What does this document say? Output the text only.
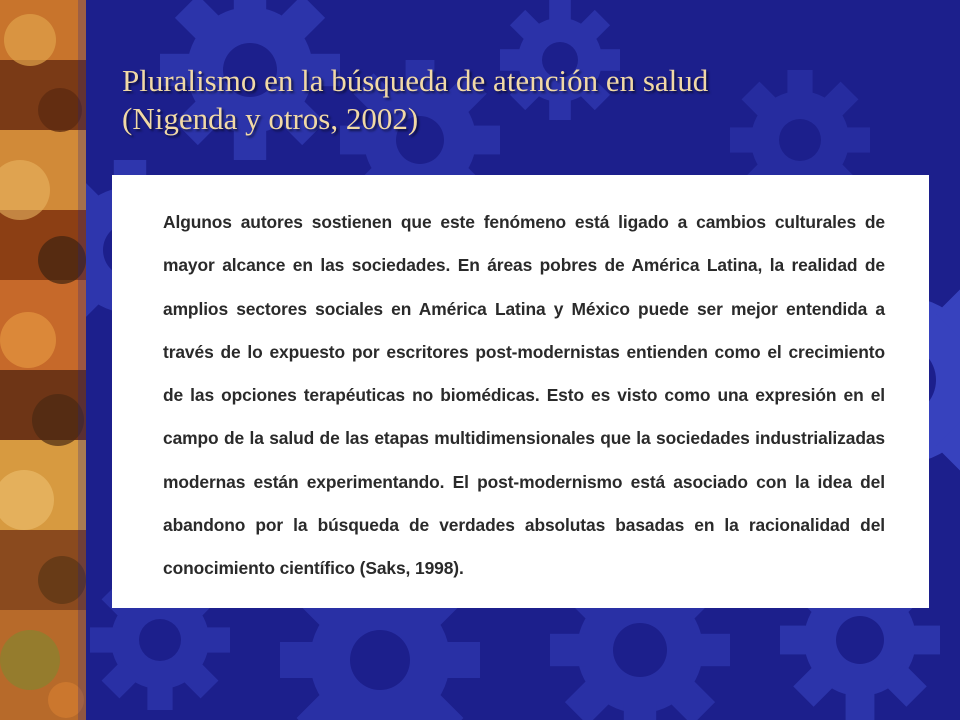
Pluralismo en la búsqueda de atención en salud
(Nigenda y otros, 2002)

Algunos autores sostienen que este fenómeno está ligado a cambios culturales de mayor alcance en las sociedades. En áreas pobres de América Latina, la realidad de amplios sectores sociales en América Latina y México puede ser mejor entendida a través de lo expuesto por escritores post-modernistas entienden como el crecimiento de las opciones terapéuticas no biomédicas. Esto es visto como una expresión en el campo de la salud de las etapas multidimensionales que la sociedades industrializadas modernas están experimentando. El post-modernismo está asociado con la idea del abandono por la búsqueda de verdades absolutas basadas en la racionalidad del conocimiento científico (Saks, 1998).
